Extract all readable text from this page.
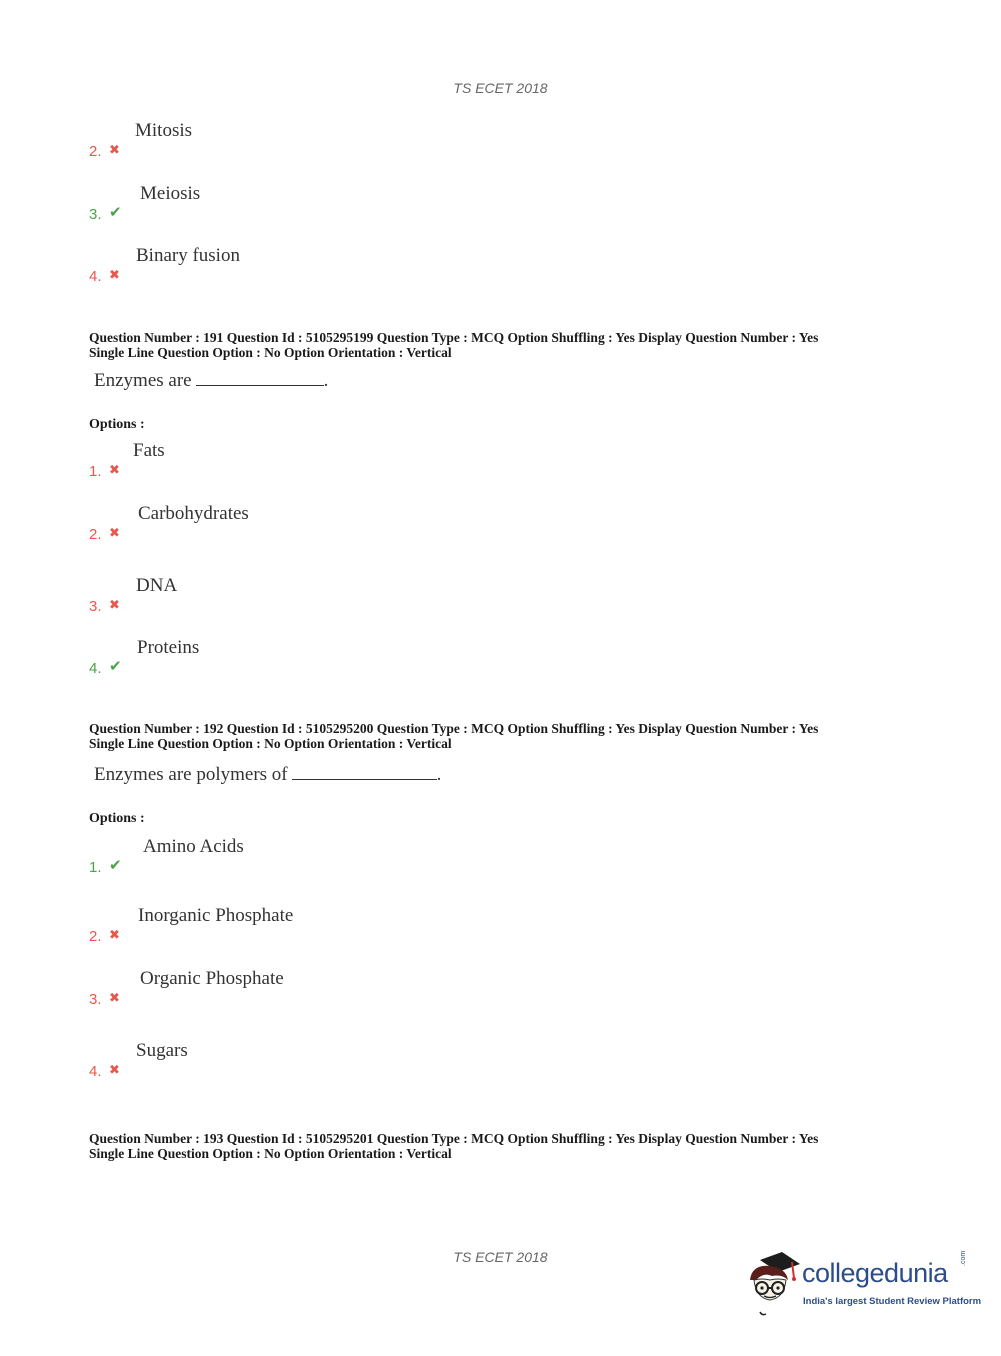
TS ECET 2018
2. ✖
Mitosis
3. ✔
Meiosis
4. ✖
Binary fusion
Question Number : 191 Question Id : 5105295199 Question Type : MCQ Option Shuffling : Yes Display Question Number : Yes
Single Line Question Option : No Option Orientation : Vertical
Enzymes are	.
Options :
1. ✖
Fats
2. ✖
Carbohydrates
3. ✖
DNA
4. ✔
Proteins
Question Number : 192 Question Id : 5105295200 Question Type : MCQ Option Shuffling : Yes Display Question Number : Yes
Single Line Question Option : No Option Orientation : Vertical
Enzymes are polymers of	.
Options :
1. ✔
Amino Acids
2. ✖
Inorganic Phosphate
3. ✖
Organic Phosphate
4. ✖
Sugars
Question Number : 193 Question Id : 5105295201 Question Type : MCQ Option Shuffling : Yes Display Question Number : Yes
Single Line Question Option : No Option Orientation : Vertical
TS ECET 2018
collegedunia .com
India's largest Student Review Platform
